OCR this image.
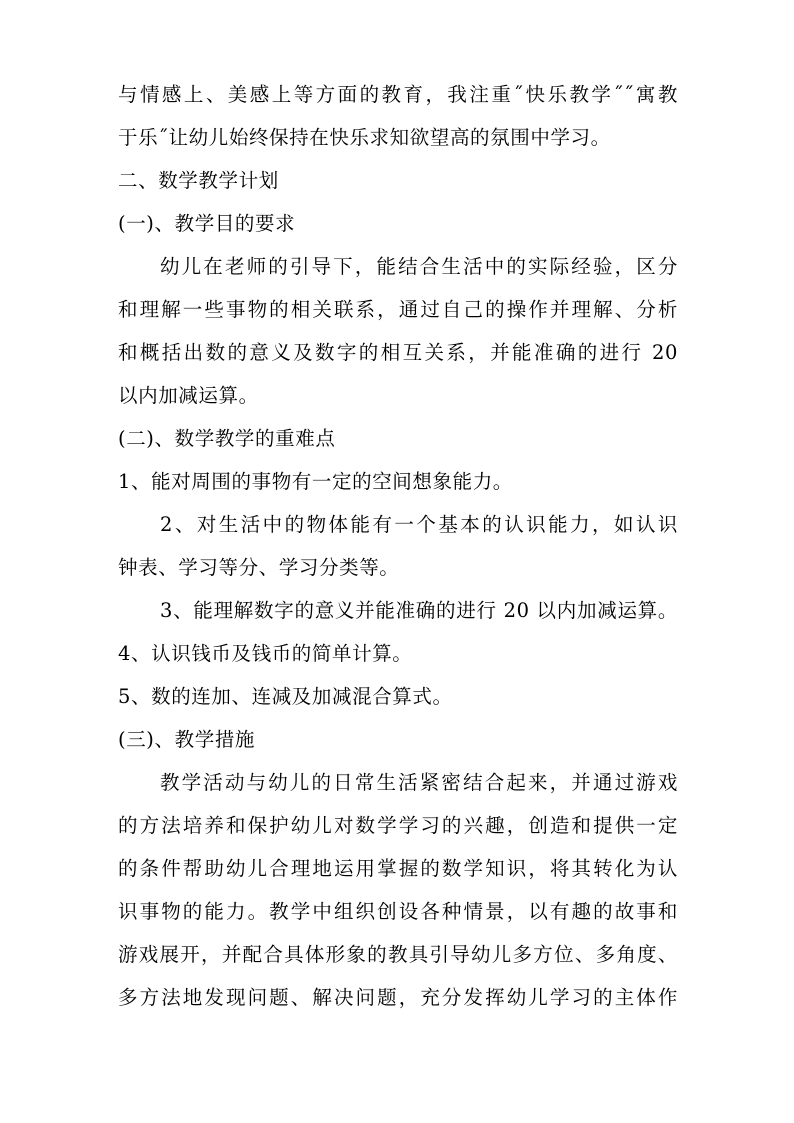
与情感上、美感上等方面的教育，我注重˝快乐教学˝˝寓教
于乐˝让幼儿始终保持在快乐求知欲望高的氛围中学习。
二、数学教学计划
(一)、教学目的要求
幼儿在老师的引导下，能结合生活中的实际经验，区分
和理解一些事物的相关联系，通过自己的操作并理解、分析
和概括出数的意义及数字的相互关系，并能准确的进行 20
以内加减运算。
(二)、数学教学的重难点
1、能对周围的事物有一定的空间想象能力。
2、对生活中的物体能有一个基本的认识能力，如认识
钟表、学习等分、学习分类等。
3、能理解数字的意义并能准确的进行 20 以内加减运算。
4、认识钱币及钱币的简单计算。
5、数的连加、连减及加减混合算式。
(三)、教学措施
教学活动与幼儿的日常生活紧密结合起来，并通过游戏
的方法培养和保护幼儿对数学学习的兴趣，创造和提供一定
的条件帮助幼儿合理地运用掌握的数学知识，将其转化为认
识事物的能力。教学中组织创设各种情景，以有趣的故事和
游戏展开，并配合具体形象的教具引导幼儿多方位、多角度、
多方法地发现问题、解决问题，充分发挥幼儿学习的主体作
